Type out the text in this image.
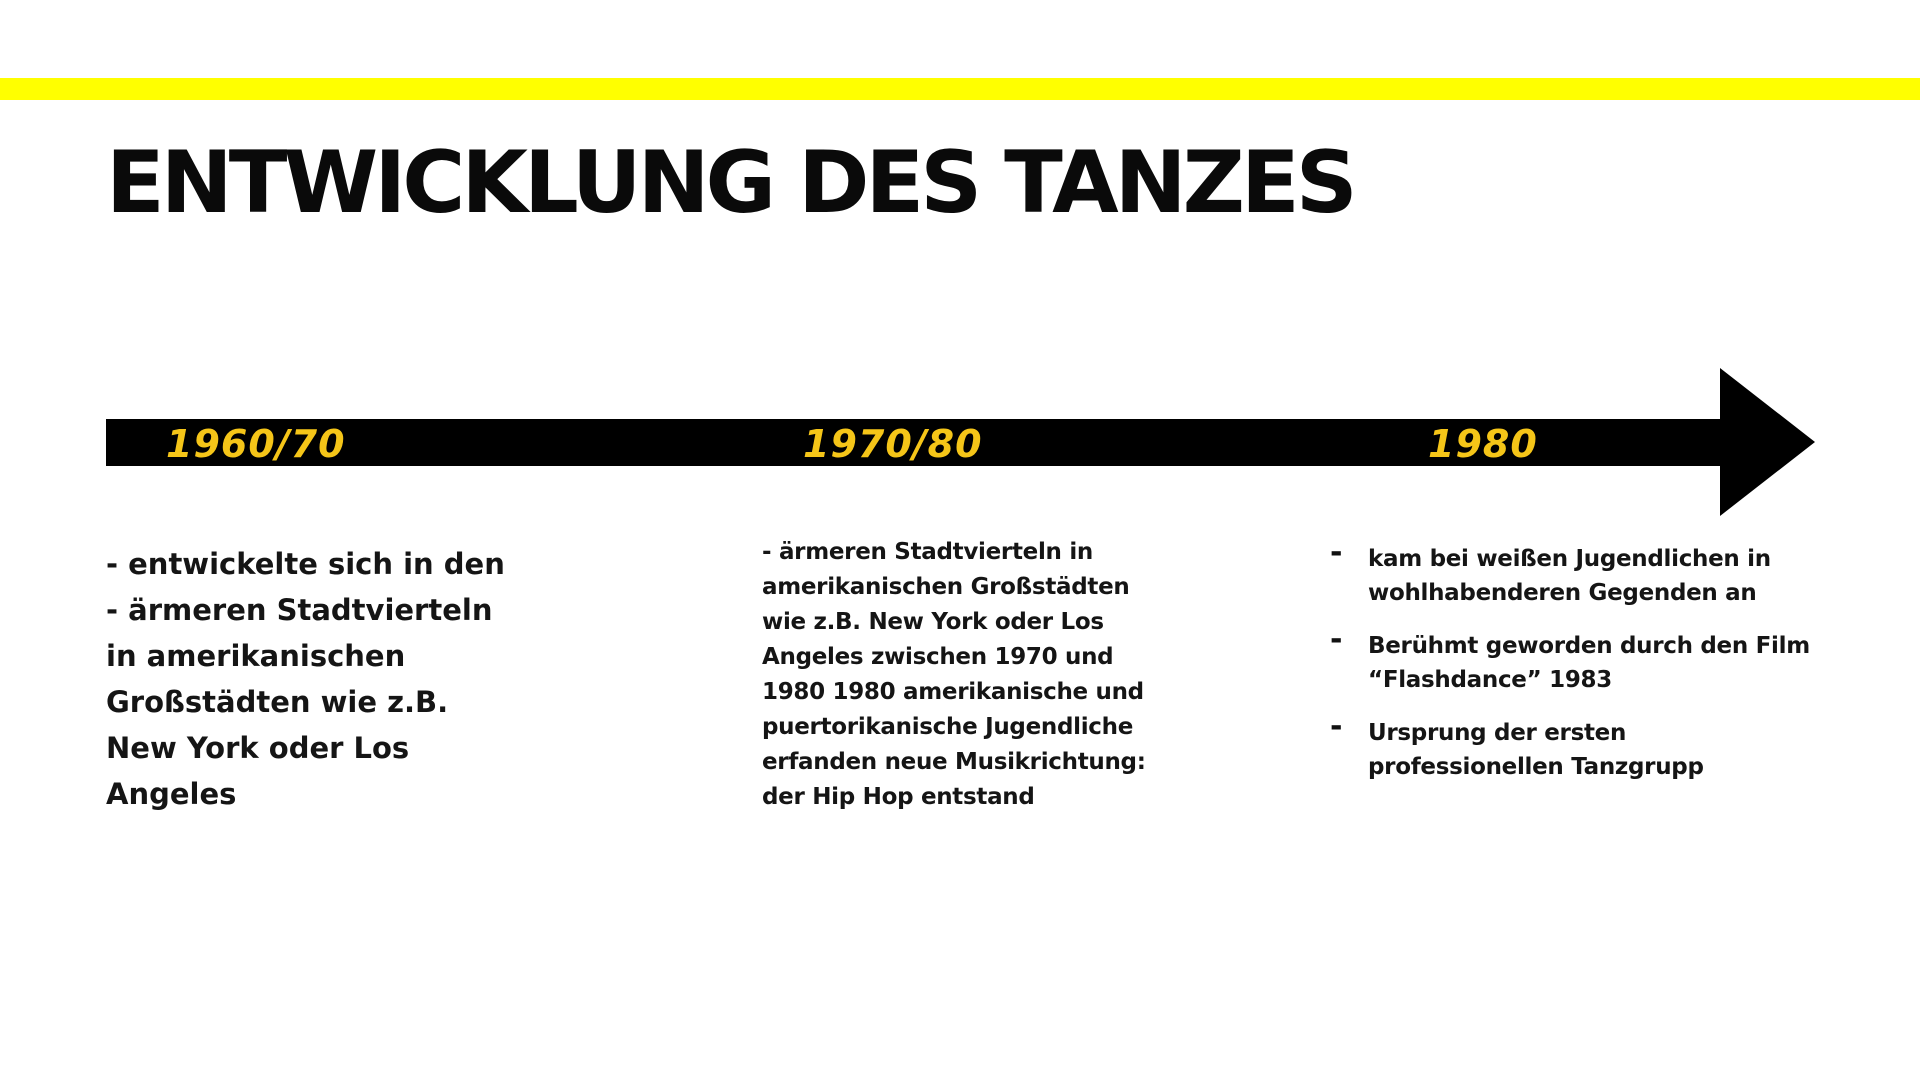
ENTWICKLUNG DES TANZES
1960/70	1970/80	1980

- entwickelte sich in den - ärmeren Stadtvierteln in amerikanischen Großstädten wie z.B. New York oder Los Angeles

- ärmeren Stadtvierteln in amerikanischen Großstädten wie z.B. New York oder Los Angeles zwischen 1970 und 1980 1980 amerikanische und puertorikanische Jugendliche erfanden neue Musikrichtung: der Hip Hop entstand

-	kam bei weißen Jugendlichen in wohlhabenderen Gegenden an
-	Berühmt geworden durch den Film “Flashdance” 1983
-	Ursprung der ersten professionellen Tanzgrupp
